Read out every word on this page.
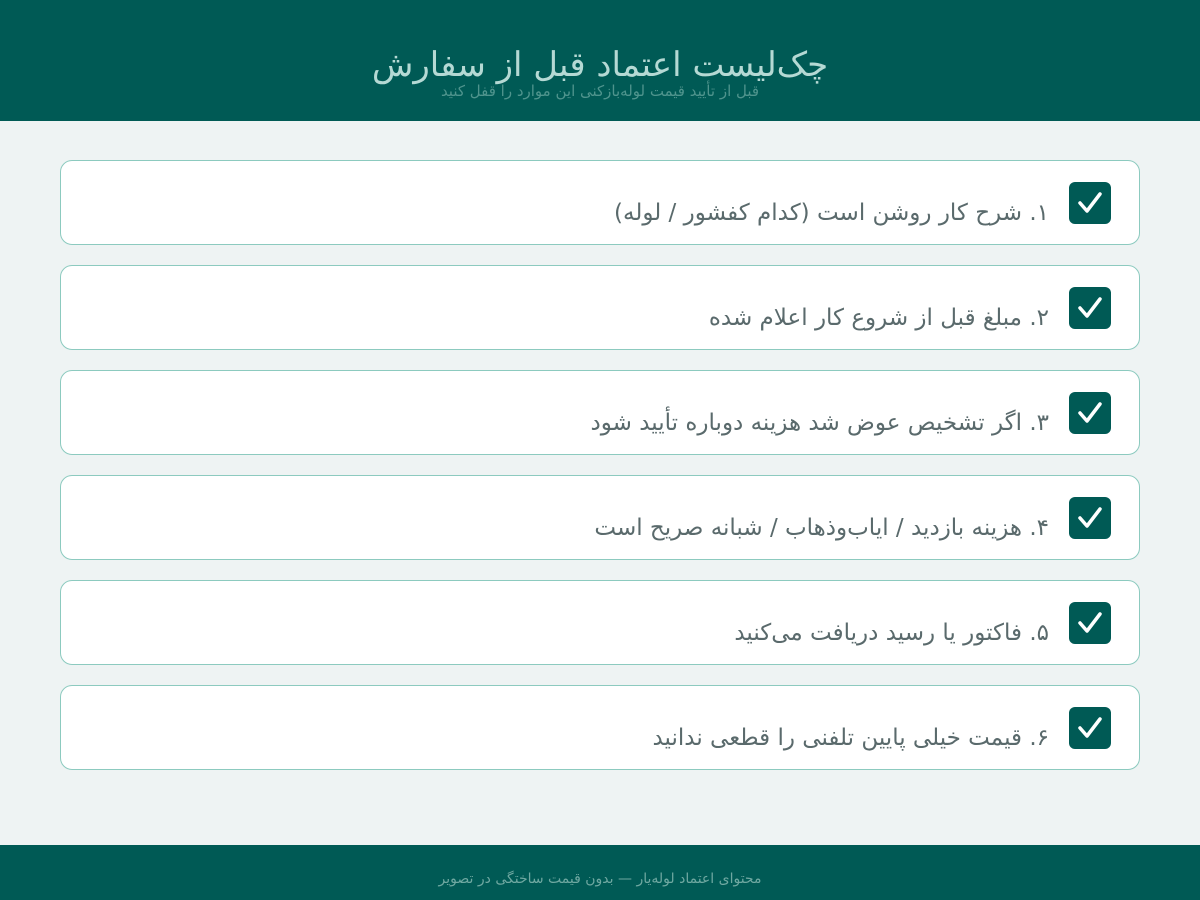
چک‌لیست اعتماد قبل از سفارش
قبل از تأیید قیمت لوله‌بازکنی این موارد را قفل کنید
۱. شرح کار روشن است (کدام کفشور / لوله)
۲. مبلغ قبل از شروع کار اعلام شده
۳. اگر تشخیص عوض شد هزینه دوباره تأیید شود
۴. هزینه بازدید / ایاب‌وذهاب / شبانه صریح است
۵. فاکتور یا رسید دریافت می‌کنید
۶. قیمت خیلی پایین تلفنی را قطعی ندانید
محتوای اعتماد لوله‌یار — بدون قیمت ساختگی در تصویر
